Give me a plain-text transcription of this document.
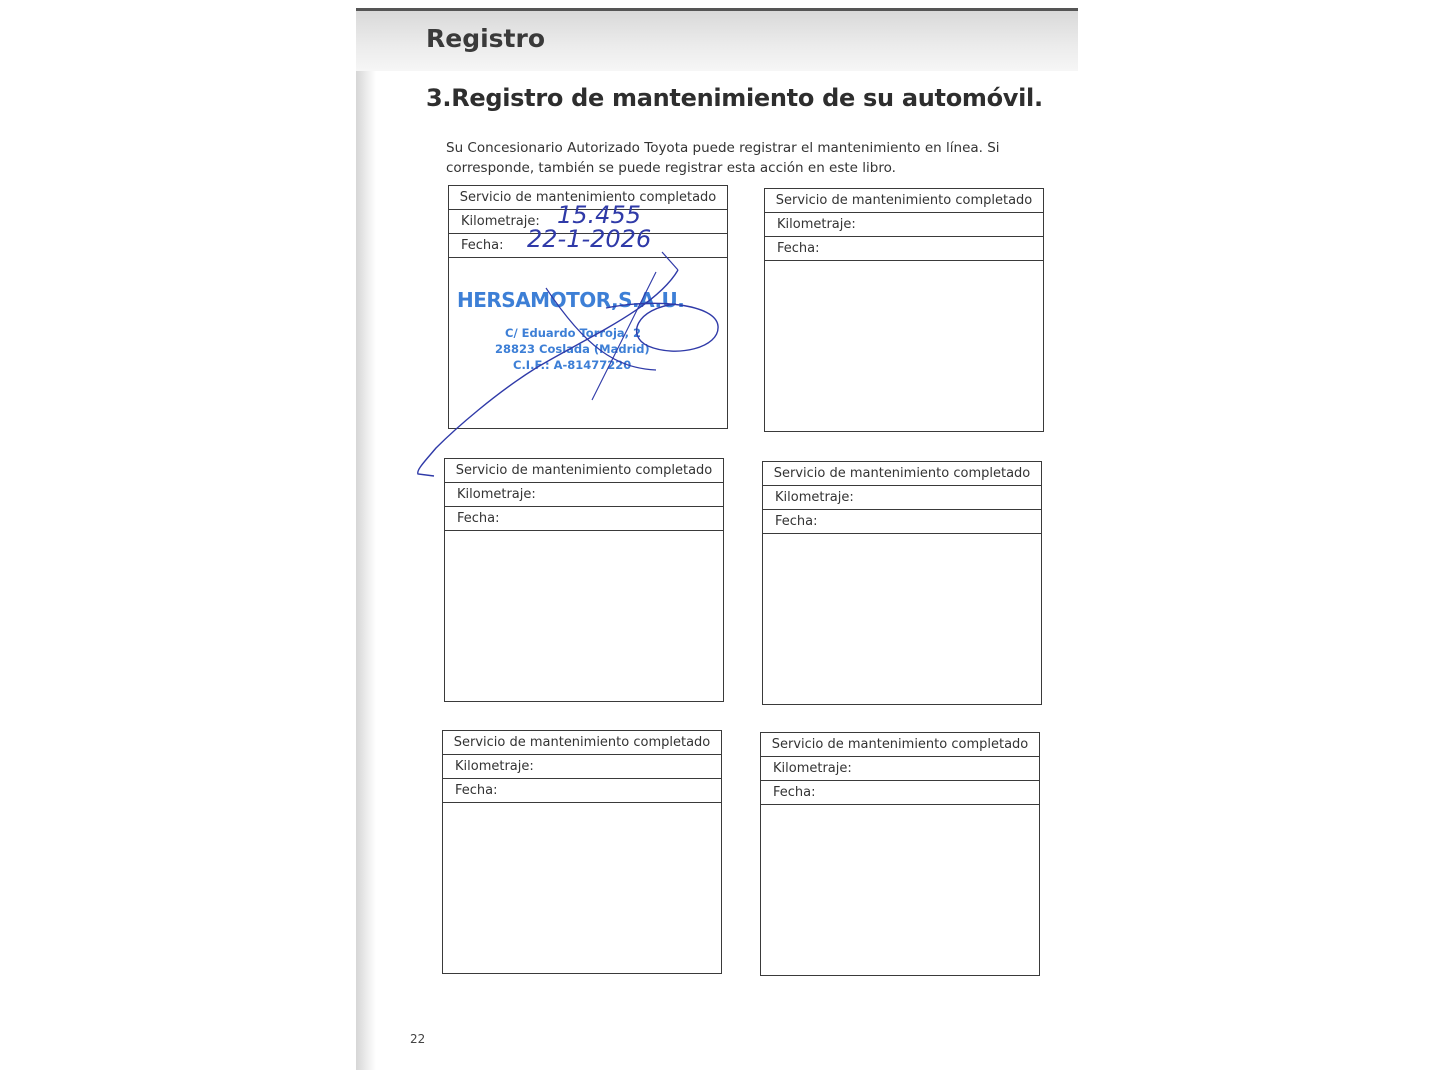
Registro
3.Registro de mantenimiento de su automóvil.
Su Concesionario Autorizado Toyota puede registrar el mantenimiento en línea. Si corresponde, también se puede registrar esta acción en este libro.
Servicio de mantenimiento completado
Kilometraje: 15.455
Fecha: 22-1-2026
HERSAMOTOR,S.A.U.
C/ Eduardo Torroja, 2
28823 Coslada (Madrid)
C.I.F.: A-81477220
Servicio de mantenimiento completado
Kilometraje:
Fecha:
Servicio de mantenimiento completado
Kilometraje:
Fecha:
Servicio de mantenimiento completado
Kilometraje:
Fecha:
Servicio de mantenimiento completado
Kilometraje:
Fecha:
Servicio de mantenimiento completado
Kilometraje:
Fecha:
22
